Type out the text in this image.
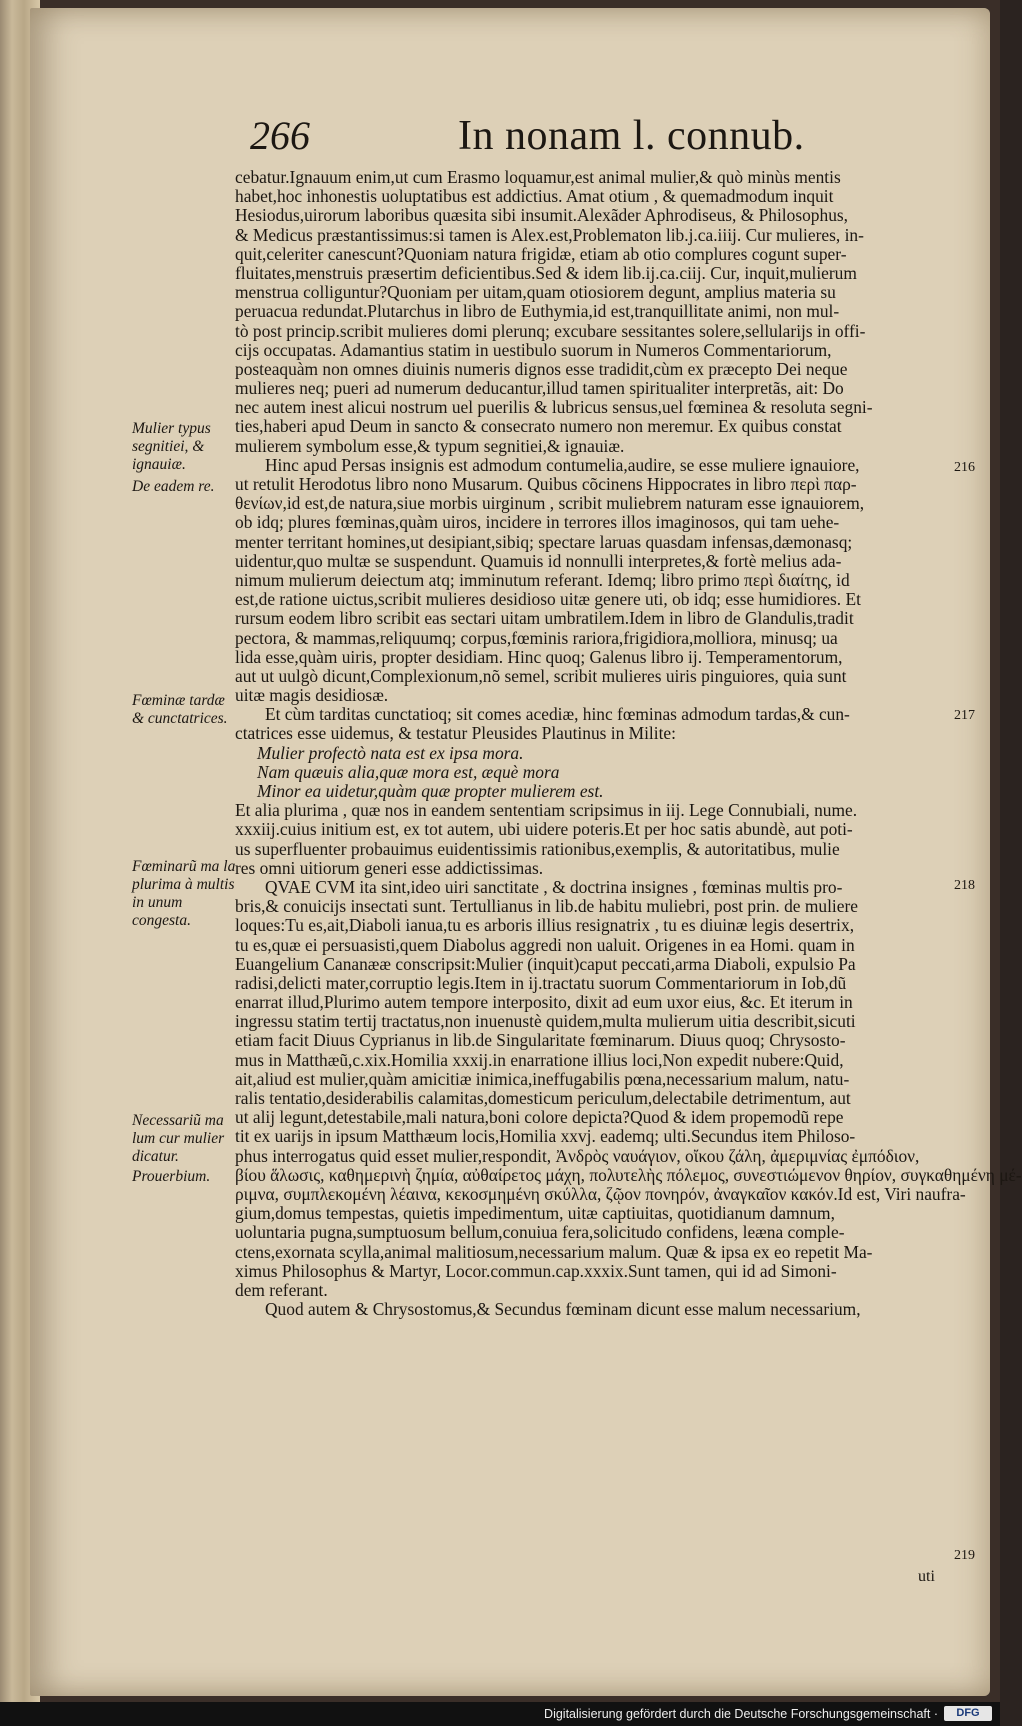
266	In nonam l. connub.
cebatur.Ignauum enim,ut cum Erasmo loquamur,est animal mulier,& quò minùs mentis
habet,hoc inhonestis uoluptatibus est addictius. Amat otium , & quemadmodum inquit
Hesiodus,uirorum laboribus quæsita sibi insumit.Alexãder Aphrodiseus, & Philosophus,
& Medicus præstantissimus:si tamen is Alex.est,Problematon lib.j.ca.iiij. Cur mulieres, in-
quit,celeriter canescunt?Quoniam natura frigidæ, etiam ab otio complures cogunt super-
fluitates,menstruis præsertim deficientibus.Sed & idem lib.ij.ca.ciij. Cur, inquit,mulierum
menstrua colliguntur?Quoniam per uitam,quam otiosiorem degunt, amplius materia su
peruacua redundat.Plutarchus in libro de Euthymia,id est,tranquillitate animi, non mul-
tò post princip.scribit mulieres domi plerunq; excubare sessitantes solere,sellularijs in offi-
cijs occupatas. Adamantius statim in uestibulo suorum in Numeros Commentariorum,
posteaquàm non omnes diuinis numeris dignos esse tradidit,cùm ex præcepto Dei neque
mulieres neq; pueri ad numerum deducantur,illud tamen spiritualiter interpretãs, ait: Do
nec autem inest alicui nostrum uel puerilis & lubricus sensus,uel fœminea & resoluta segni-
ties,haberi apud Deum in sancto & consecrato numero non meremur. Ex quibus constat
mulierem symbolum esse,& typum segnitiei,& ignauiæ.
Hinc apud Persas insignis est admodum contumelia,audire, se esse muliere ignauiore,
ut retulit Herodotus libro nono Musarum. Quibus cõcinens Hippocrates in libro περὶ παρ-
θενίων,id est,de natura,siue morbis uirginum , scribit muliebrem naturam esse ignauiorem,
ob idq; plures fœminas,quàm uiros, incidere in terrores illos imaginosos, qui tam uehe-
menter territant homines,ut desipiant,sibiq; spectare laruas quasdam infensas,dæmonasq;
uidentur,quo multæ se suspendunt. Quamuis id nonnulli interpretes,& fortè melius ada-
nimum mulierum deiectum atq; imminutum referant. Idemq; libro primo περὶ διαίτης, id
est,de ratione uictus,scribit mulieres desidioso uitæ genere uti, ob idq; esse humidiores. Et
rursum eodem libro scribit eas sectari uitam umbratilem.Idem in libro de Glandulis,tradit
pectora, & mammas,reliquumq; corpus,fœminis rariora,frigidiora,molliora, minusq; ua
lida esse,quàm uiris, propter desidiam. Hinc quoq; Galenus libro ij. Temperamentorum,
aut ut uulgò dicunt,Complexionum,nõ semel, scribit mulieres uiris pinguiores, quia sunt
uitæ magis desidiosæ.
Et cùm tarditas cunctatioq; sit comes acediæ, hinc fœminas admodum tardas,& cun-
ctatrices esse uidemus, & testatur Pleusides Plautinus in Milite:
Mulier profectò nata est ex ipsa mora.
Nam quæuis alia,quæ mora est, æquè mora
Minor ea uidetur,quàm quæ propter mulierem est.
Et alia plurima , quæ nos in eandem sententiam scripsimus in iij. Lege Connubiali, nume.
xxxiij.cuius initium est, ex tot autem, ubi uidere poteris.Et per hoc satis abundè, aut poti-
us superfluenter probauimus euidentissimis rationibus,exemplis, & autoritatibus, mulie
res omni uitiorum generi esse addictissimas.
QVAE CVM ita sint,ideo uiri sanctitate , & doctrina insignes , fœminas multis pro-
bris,& conuicijs insectati sunt. Tertullianus in lib.de habitu muliebri, post prin. de muliere
loques:Tu es,ait,Diaboli ianua,tu es arboris illius resignatrix , tu es diuinæ legis desertrix,
tu es,quæ ei persuasisti,quem Diabolus aggredi non ualuit. Origenes in ea Homi. quam in
Euangelium Cananææ conscripsit:Mulier (inquit)caput peccati,arma Diaboli, expulsio Pa
radisi,delicti mater,corruptio legis.Item in ij.tractatu suorum Commentariorum in Iob,dũ
enarrat illud,Plurimo autem tempore interposito, dixit ad eum uxor eius, &c. Et iterum in
ingressu statim tertij tractatus,non inuenustè quidem,multa mulierum uitia describit,sicuti
etiam facit Diuus Cyprianus in lib.de Singularitate fœminarum. Diuus quoq; Chrysosto-
mus in Matthæũ,c.xix.Homilia xxxij.in enarratione illius loci,Non expedit nubere:Quid,
ait,aliud est mulier,quàm amicitiæ inimica,ineffugabilis pœna,necessarium malum, natu-
ralis tentatio,desiderabilis calamitas,domesticum periculum,delectabile detrimentum, aut
ut alij legunt,detestabile,mali natura,boni colore depicta?Quod & idem propemodũ repe
tit ex uarijs in ipsum Matthæum locis,Homilia xxvj. eademq; ulti.Secundus item Philoso-
phus interrogatus quid esset mulier,respondit, Ἀνδρὸς ναυάγιον, οἴκου ζάλη, ἀμεριμνίας ἐμπόδιον,
βίου ἅλωσις, καθημερινὴ ζημία, αὐθαίρετος μάχη, πολυτελὴς πόλεμος, συνεστιώμενον θηρίον, συγκαθημένη μέ-
ριμνα, συμπλεκομένη λέαινα, κεκοσμημένη σκύλλα, ζῷον πονηρόν, ἀναγκαῖον κακόν.Id est, Viri naufra-
gium,domus tempestas, quietis impedimentum, uitæ captiuitas, quotidianum damnum,
uoluntaria pugna,sumptuosum bellum,conuiua fera,solicitudo confidens, leæna comple-
ctens,exornata scylla,animal malitiosum,necessarium malum. Quæ & ipsa ex eo repetit Ma-
ximus Philosophus & Martyr, Locor.commun.cap.xxxix.Sunt tamen, qui id ad Simoni-
dem referant.
Quod autem & Chrysostomus,& Secundus fœminam dicunt esse malum necessarium,
Mulier typus segnitiei, & ignauiæ.
De eadem re.
Fœminæ tardæ & cunctatrices.
Fœminarũ ma la plurima à multis in unum congesta.
Necessariũ ma lum cur mulier dicatur.
Prouerbium.
216
217
218
219
uti
Digitalisierung gefördert durch die Deutsche Forschungsgemeinschaft ·	DFG
